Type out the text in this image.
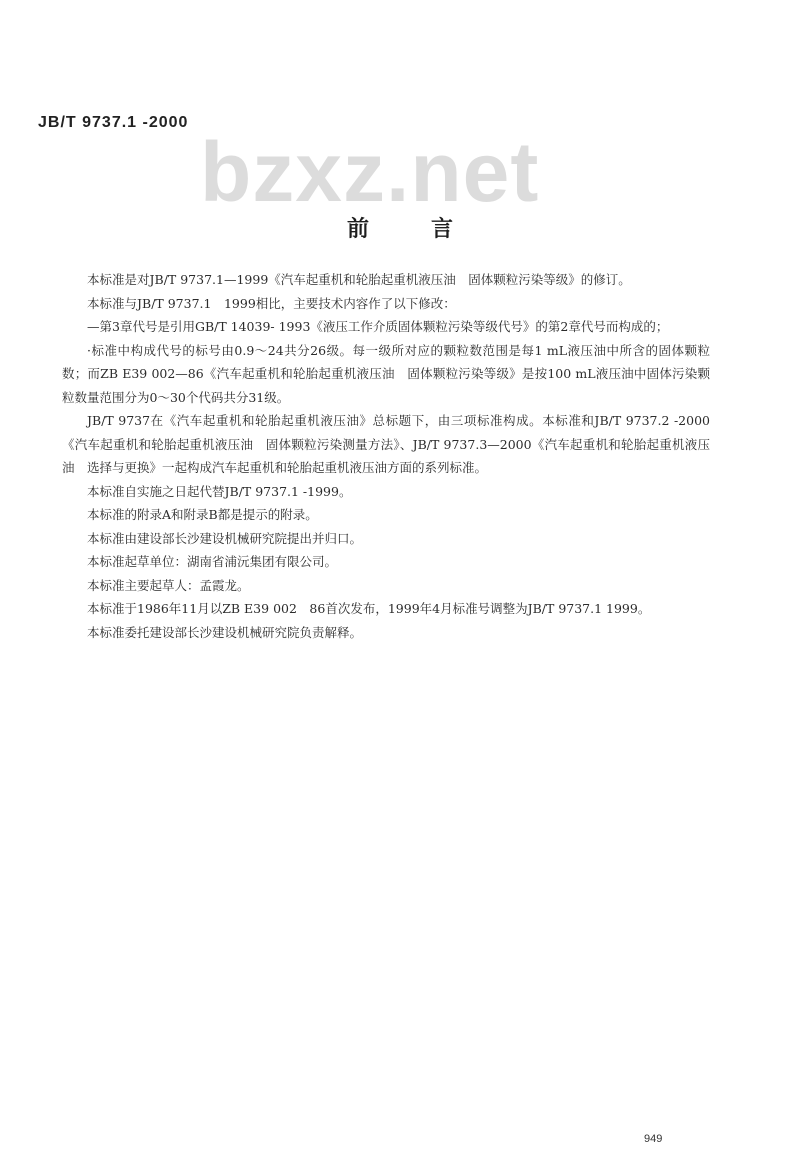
JB/T 9737.1 -2000
bzxz.net
前言

本标准是对JB/T 9737.1—1999《汽车起重机和轮胎起重机液压油　固体颗粒污染等级》的修订。

本标准与JB/T 9737.1　1999相比，主要技术内容作了以下修改：

—第3章代号是引用GB/T 14039- 1993《液压工作介质固体颗粒污染等级代号》的第2章代号而构成的；

·标准中构成代号的标号由0.9～24共分26级。每一级所对应的颗粒数范围是每1 mL液压油中所含的固体颗粒数；而ZB E39 002—86《汽车起重机和轮胎起重机液压油　固体颗粒污染等级》是按100 mL液压油中固体污染颗粒数量范围分为0～30个代码共分31级。

JB/T 9737在《汽车起重机和轮胎起重机液压油》总标题下，由三项标准构成。本标准和JB/T 9737.2 -2000《汽车起重机和轮胎起重机液压油　固体颗粒污染测量方法》、JB/T 9737.3—2000《汽车起重机和轮胎起重机液压油　选择与更换》一起构成汽车起重机和轮胎起重机液压油方面的系列标准。

本标准自实施之日起代替JB/T 9737.1 -1999。

本标准的附录A和附录B都是提示的附录。

本标准由建设部长沙建设机械研究院提出并归口。

本标准起草单位：湖南省浦沅集团有限公司。

本标准主要起草人：孟霞龙。

本标准于1986年11月以ZB E39 002　86首次发布，1999年4月标准号调整为JB/T 9737.1 1999。

本标准委托建设部长沙建设机械研究院负责解释。

949
